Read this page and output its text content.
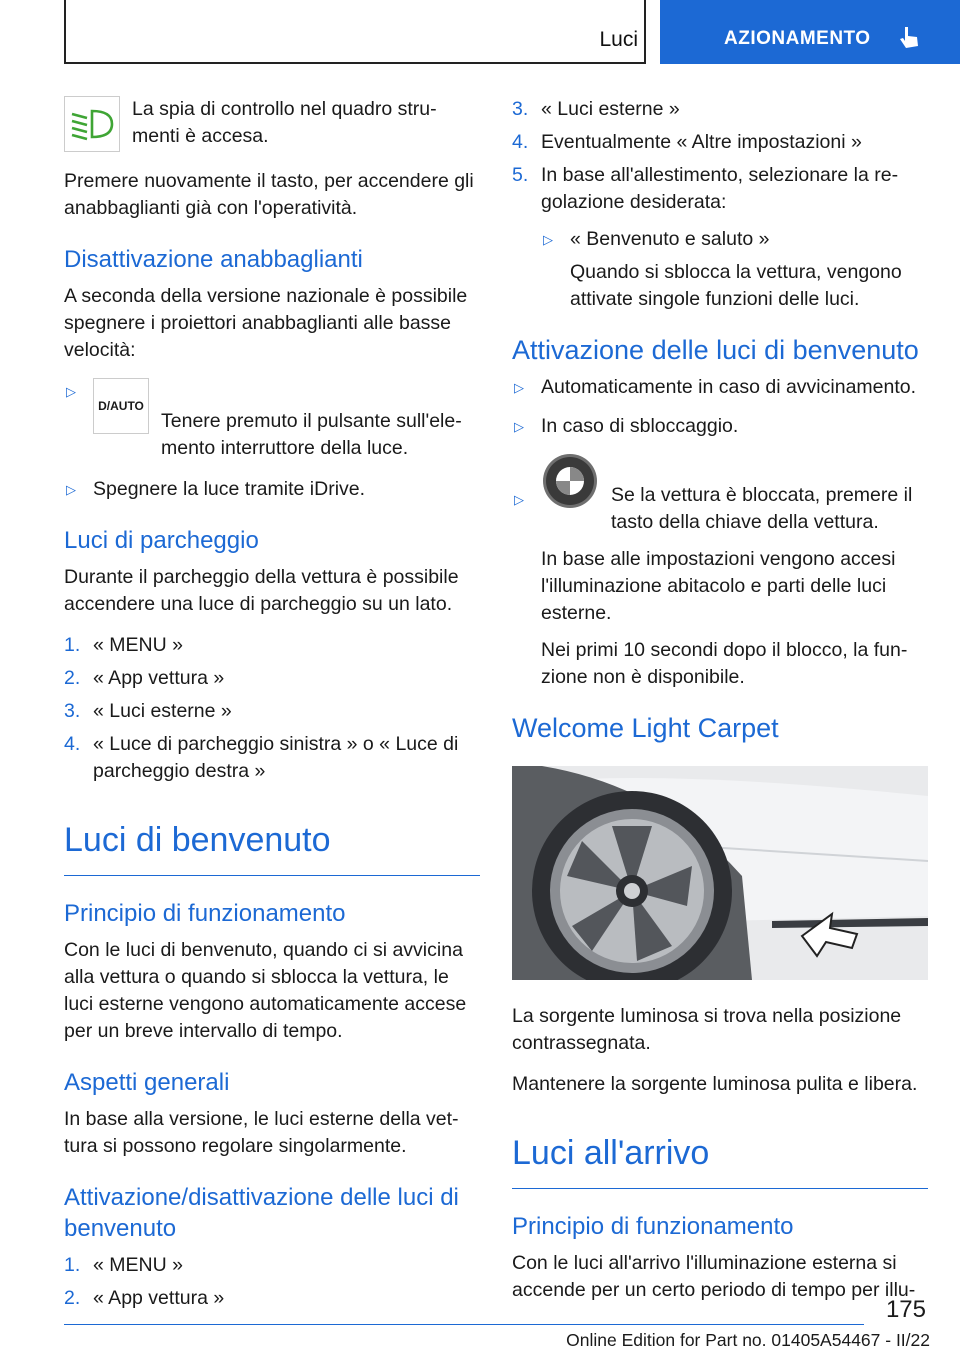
Luci	AZIONAMENTO

La spia di controllo nel quadro stru-menti è accesa.

Premere nuovamente il tasto, per accendere gli anabbaglianti già con l'operatività.

Disattivazione anabbaglianti

A seconda della versione nazionale è possibile spegnere i proiettori anabbaglianti alle basse velocità:

▷
D/AUTO
Tenere premuto il pulsante sull'ele-mento interruttore della luce.
▷ Spegnere la luce tramite iDrive.
Luci di parcheggio

Durante il parcheggio della vettura è possibile accendere una luce di parcheggio su un lato.

1. « MENU »
2. « App vettura »
3. « Luci esterne »
4. « Luce di parcheggio sinistra » o « Luce di parcheggio destra »
Luci di benvenuto
Principio di funzionamento

Con le luci di benvenuto, quando ci si avvicina alla vettura o quando si sblocca la vettura, le luci esterne vengono automaticamente accese per un breve intervallo di tempo.

Aspetti generali

In base alla versione, le luci esterne della vet-tura si possono regolare singolarmente.

Attivazione/disattivazione delle luci di benvenuto
1. « MENU »
2. « App vettura »
3. « Luci esterne »
4. Eventualmente « Altre impostazioni »
5. In base all'allestimento, selezionare la re-golazione desiderata:
▷ « Benvenuto e saluto »

Quando si sblocca la vettura, vengono attivate singole funzioni delle luci.

Attivazione delle luci di benvenuto
▷ Automaticamente in caso di avvicinamento.
▷ In caso di sbloccaggio.
▷	Se la vettura è bloccata, premere il tasto della chiave della vettura.

In base alle impostazioni vengono accesi l'illuminazione abitacolo e parti delle luci esterne.

Nei primi 10 secondi dopo il blocco, la fun-zione non è disponibile.

Welcome Light Carpet

La sorgente luminosa si trova nella posizione contrassegnata.

Mantenere la sorgente luminosa pulita e libera.

Luci all'arrivo
Principio di funzionamento

Con le luci all'arrivo l'illuminazione esterna si accende per un certo periodo di tempo per illu-

175
Online Edition for Part no. 01405A54467 - II/22
